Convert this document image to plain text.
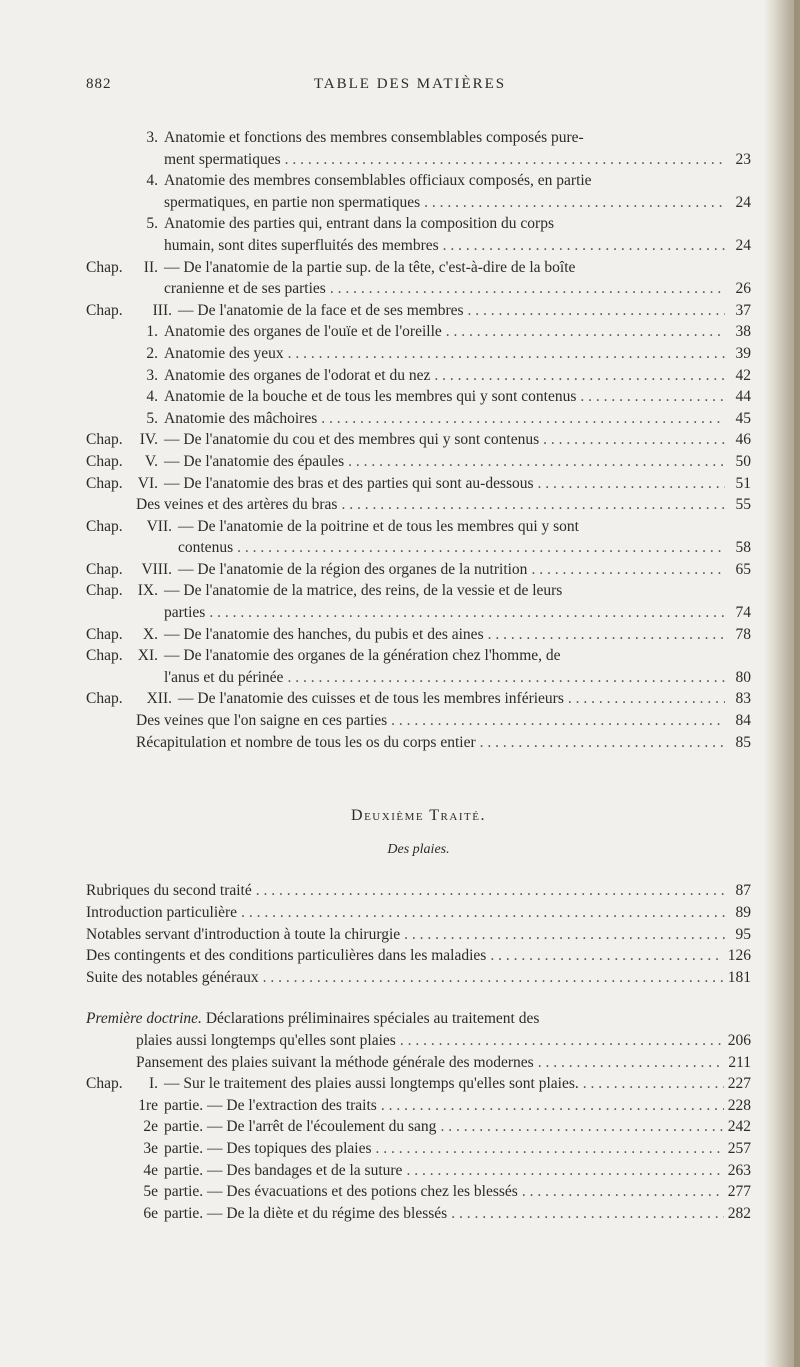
882	TABLE DES MATIÈRES
3. Anatomie et fonctions des membres consemblables composés pure-
ment spermatiques . . .	23
4. Anatomie des membres consemblables officiaux composés, en partie
spermatiques, en partie non spermatiques . . .	24
5. Anatomie des parties qui, entrant dans la composition du corps
humain, sont dites superfluités des membres . . .	24
Chap.	II. — De l'anatomie de la partie sup. de la tête, c'est-à-dire de la boîte
cranienne et de ses parties . . .	26
Chap.	III. — De l'anatomie de la face et de ses membres . . .	37
1. Anatomie des organes de l'ouïe et de l'oreille . . .	38
2. Anatomie des yeux . . .	39
3. Anatomie des organes de l'odorat et du nez . . .	42
4. Anatomie de la bouche et de tous les membres qui y sont contenus . . .	44
5. Anatomie des mâchoires . . .	45
Chap.	IV. — De l'anatomie du cou et des membres qui y sont contenus . . .	46
Chap.	V. — De l'anatomie des épaules . . .	50
Chap. VI. — De l'anatomie des bras et des parties qui sont au-dessous . . .	51
Des veines et des artères du bras . . .	55
Chap.	VII. — De l'anatomie de la poitrine et de tous les membres qui y sont
contenus . . .	58
Chap.	VIII. — De l'anatomie de la région des organes de la nutrition . . .	65
Chap. IX. — De l'anatomie de la matrice, des reins, de la vessie et de leurs
parties . . .	74
Chap.	X. — De l'anatomie des hanches, du pubis et des aines . . .	78
Chap. XI. — De l'anatomie des organes de la génération chez l'homme, de
l'anus et du périnée . . .	80
Chap.	XII. — De l'anatomie des cuisses et de tous les membres inférieurs . . .	83
Des veines que l'on saigne en ces parties . . .	84
Récapitulation et nombre de tous les os du corps entier . . .	85
Deuxième Traité.
Des plaies.
Rubriques du second traité . . .	87
Introduction particulière . . .	89
Notables servant d'introduction à toute la chirurgie . . .	95
Des contingents et des conditions particulières dans les maladies . . .	126
Suite des notables généraux . . .	181
Première doctrine.
Déclarations préliminaires spéciales au traitement des
plaies aussi longtemps qu'elles sont plaies . . .	206
Pansement des plaies suivant la méthode générale des modernes . . .	211
Chap.	I. — Sur le traitement des plaies aussi longtemps qu'elles sont plaies. . . .	227
1re partie. — De l'extraction des traits . . .	228
2e partie. — De l'arrêt de l'écoulement du sang . . .	242
3e partie. — Des topiques des plaies . . .	257
4e partie. — Des bandages et de la suture . . .	263
5e partie. — Des évacuations et des potions chez les blessés . . .	277
6e partie. — De la diète et du régime des blessés . . .	282
